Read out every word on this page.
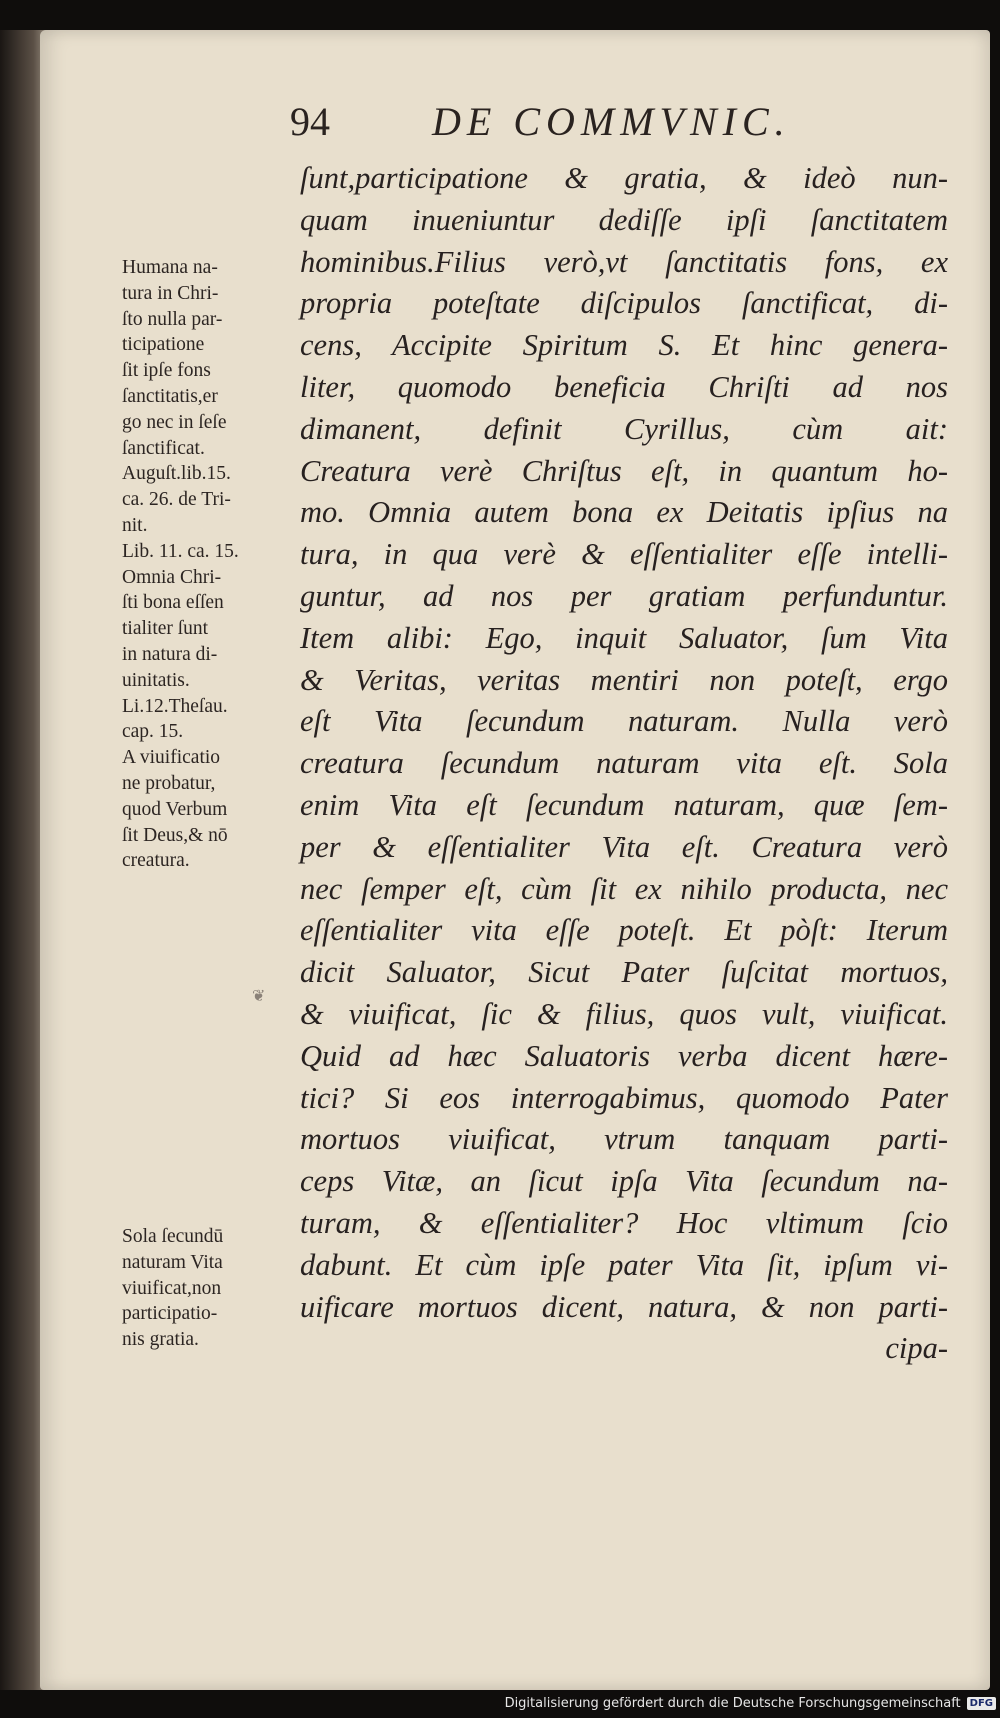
94	DE COMMVNIC.
ſunt,participatione & gratia, & ideò nun-
quam inueniuntur dediſſe ipſi ſanctitatem
hominibus.Filius verò,vt ſanctitatis fons, ex
propria poteſtate diſcipulos ſanctificat, di-
cens, Accipite Spiritum S. Et hinc genera-
liter, quomodo beneficia Chriſti ad nos
dimanent, definit Cyrillus, cùm ait:
Creatura verè Chriſtus eſt, in quantum ho-
mo. Omnia autem bona ex Deitatis ipſius na
tura, in qua verè & eſſentialiter eſſe intelli-
guntur, ad nos per gratiam perfunduntur.
Item alibi: Ego, inquit Saluator, ſum Vita
& Veritas, veritas mentiri non poteſt, ergo
eſt Vita ſecundum naturam. Nulla verò
creatura ſecundum naturam vita eſt. Sola
enim Vita eſt ſecundum naturam, quæ ſem-
per & eſſentialiter Vita eſt. Creatura verò
nec ſemper eſt, cùm ſit ex nihilo producta, nec
eſſentialiter vita eſſe poteſt. Et pòſt: Iterum
dicit Saluator, Sicut Pater ſuſcitat mortuos,
& viuificat, ſic & filius, quos vult, viuificat.
Quid ad hæc Saluatoris verba dicent hære-
tici? Si eos interrogabimus, quomodo Pater
mortuos viuificat, vtrum tanquam parti-
ceps Vitæ, an ſicut ipſa Vita ſecundum na-
turam, & eſſentialiter? Hoc vltimum ſcio
dabunt. Et cùm ipſe pater Vita ſit, ipſum vi-
uificare mortuos dicent, natura, & non parti-
cipa-
Humana na-
tura in Chri-
ſto nulla par-
ticipatione
ſit ipſe fons
ſanctitatis,er
go nec in ſeſe
ſanctificat.
Auguſt.lib.15.
ca. 26. de Tri-
nit.
Lib. 11. ca. 15.
Omnia Chri-
ſti bona eſſen
tialiter ſunt
in natura di-
uinitatis.
Li.12.Theſau.
cap. 15.
A viuificatio
ne probatur,
quod Verbum
ſit Deus,& nō
creatura.
Sola ſecundū
naturam Vita
viuificat,non
participatio-
nis gratia.
❦
Digitalisierung gefördert durch die Deutsche Forschungsgemeinschaft DFG
